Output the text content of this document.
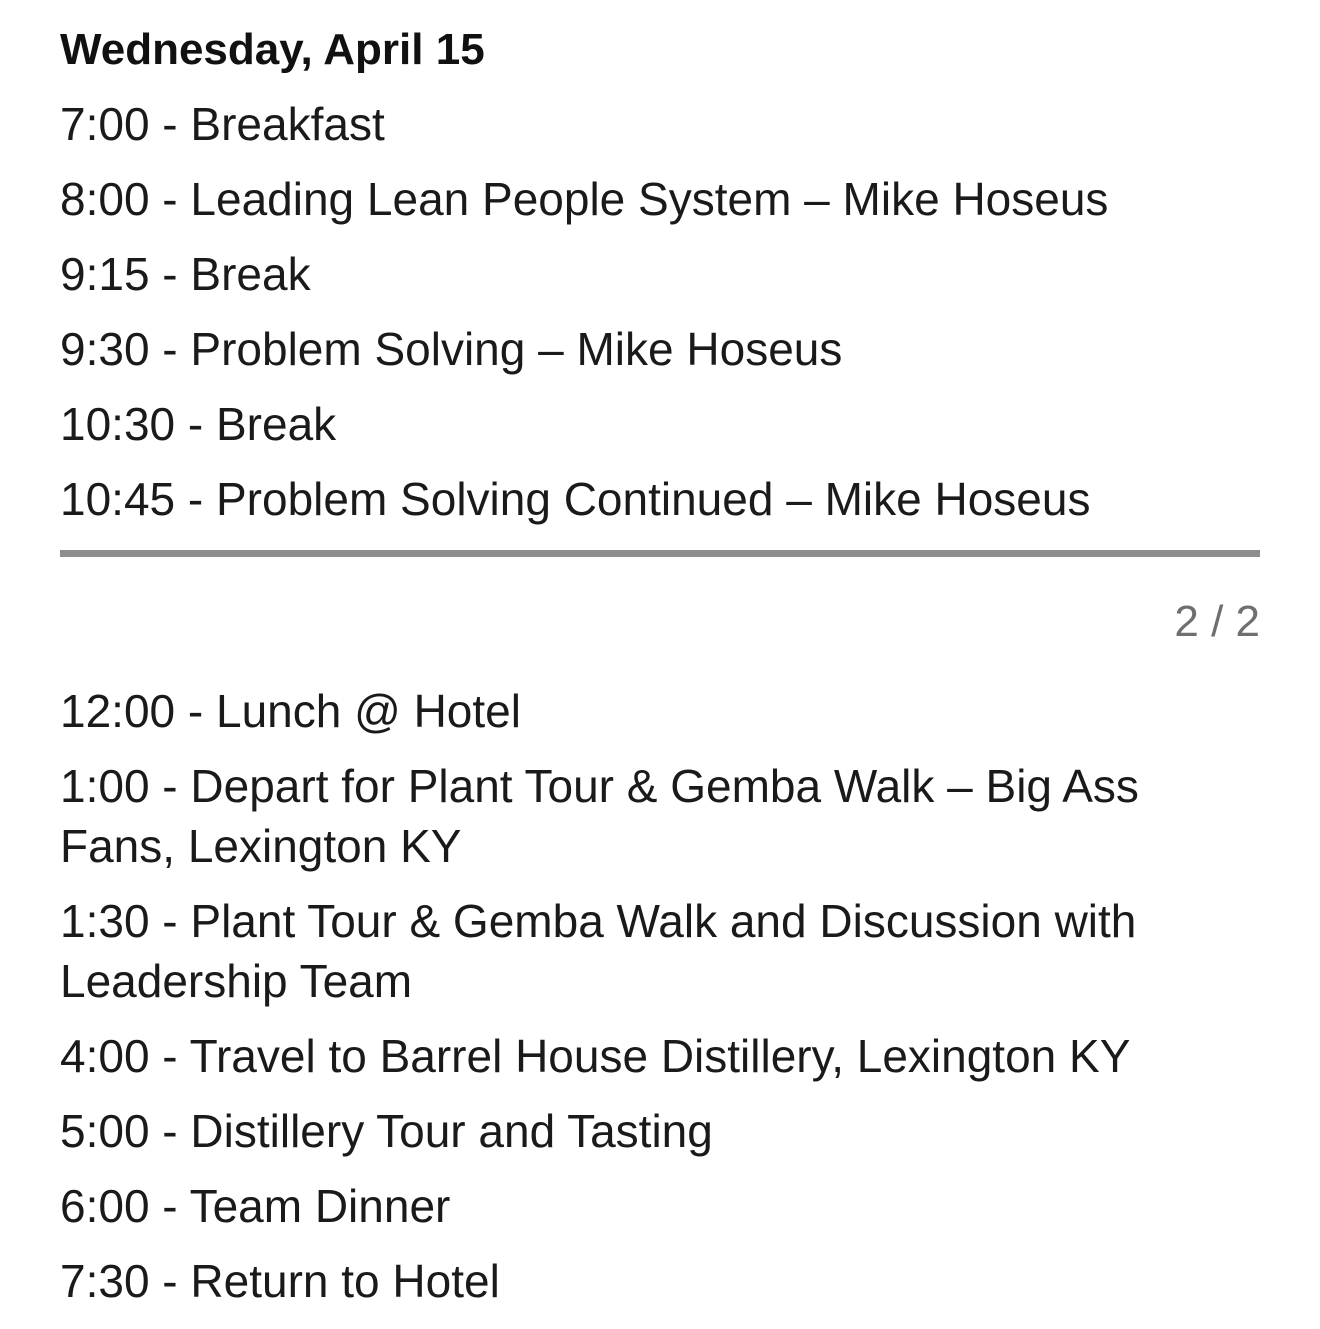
Wednesday, April 15
7:00 - Breakfast
8:00 - Leading Lean People System – Mike Hoseus
9:15 - Break
9:30 - Problem Solving – Mike Hoseus
10:30 - Break
10:45 - Problem Solving Continued – Mike Hoseus
2 / 2
12:00 - Lunch @ Hotel
1:00 - Depart for Plant Tour & Gemba Walk – Big Ass Fans, Lexington KY
1:30 - Plant Tour & Gemba Walk and Discussion with Leadership Team
4:00 - Travel to Barrel House Distillery, Lexington KY
5:00 - Distillery Tour and Tasting
6:00 - Team Dinner
7:30 - Return to Hotel
